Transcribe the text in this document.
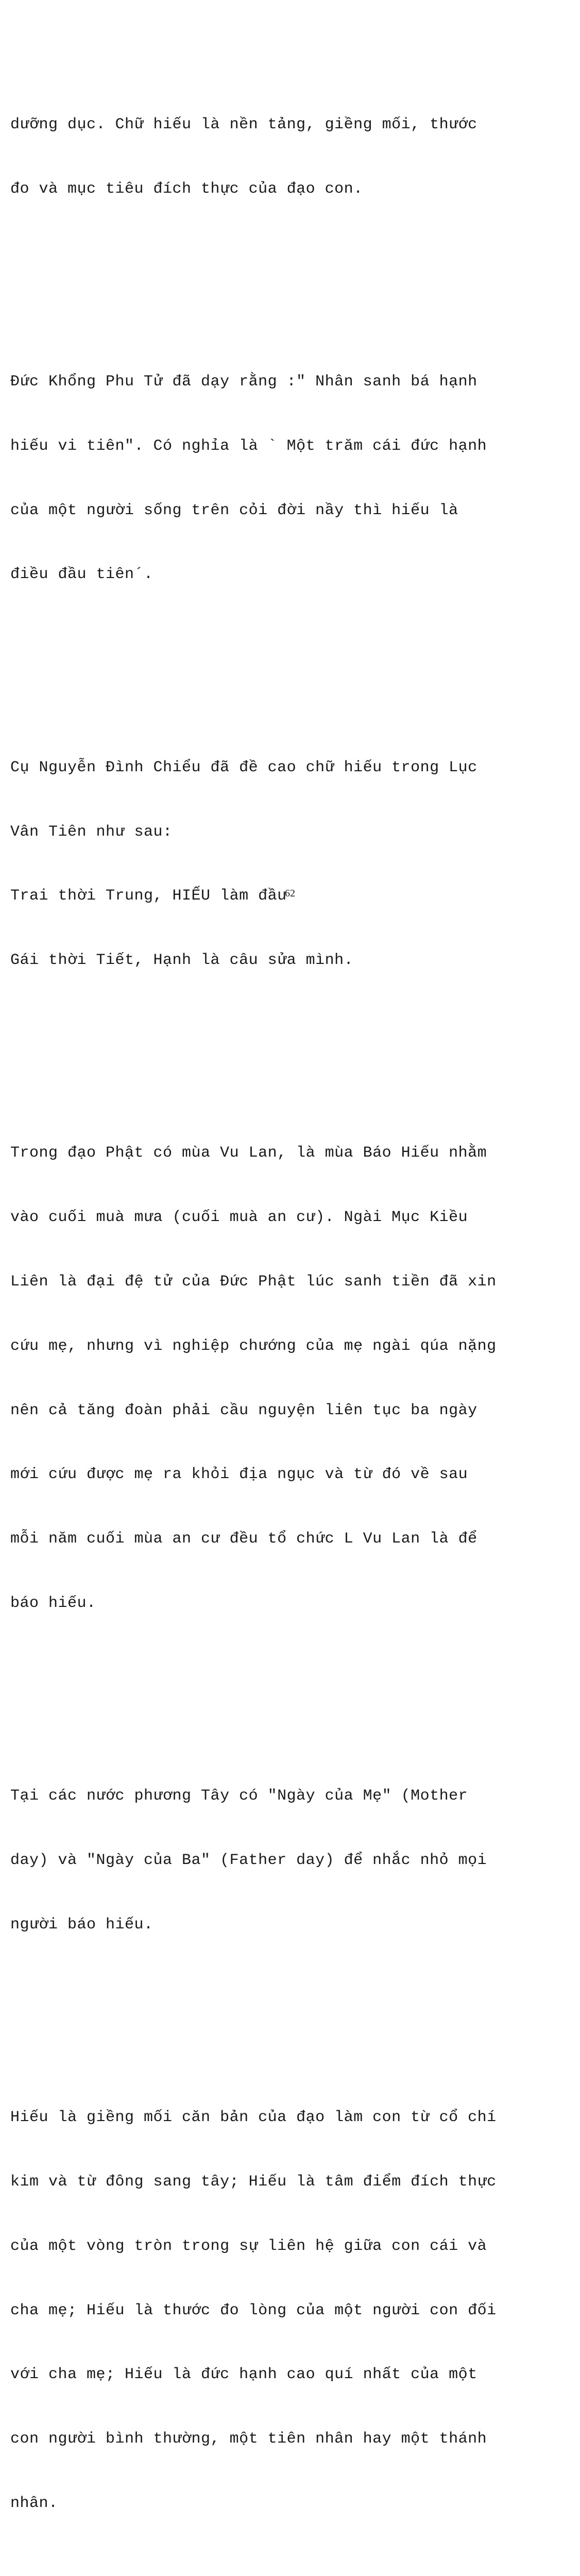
dưỡng dục. Chữ hiếu là nền tảng, giềng mối, thước

đo và mục tiêu đích thực của đạo con.

Đức Khổng Phu Tử đã dạy rằng :" Nhân sanh bá hạnh

hiếu vi tiên". Có nghỉa là ` Một trăm cái đức hạnh

của một người sống trên cỏi đời nầy thì hiếu là

điều đầu tiên´.

Cụ Nguyễn Đình Chiểu đã đề cao chữ hiếu trong Lục

Vân Tiên như sau:

Trai thời Trung, HIẾU làm đầu

Gái thời Tiết, Hạnh là câu sửa mình.

Trong đạo Phật có mùa Vu Lan, là mùa Báo Hiếu nhằm

vào cuối muà mưa (cuối muà an cư). Ngài Mục Kiều

Liên là đại đệ tử của Đức Phật lúc sanh tiền đã xin

cứu mẹ, nhưng vì nghiệp chướng của mẹ ngài qúa nặng

nên cả tăng đoàn phải cầu nguyện liên tục ba ngày

mới cứu được mẹ ra khỏi địa ngục và từ đó về sau

mỗi năm cuối mùa an cư đều tổ chức L Vu Lan là để

báo hiếu.

Tại các nước phương Tây có "Ngày của Mẹ" (Mother

day) và "Ngày của Ba" (Father day) để nhắc nhỏ mọi

người báo hiếu.

Hiếu là giềng mối căn bản của đạo làm con từ cổ chí

kim và từ đông sang tây; Hiếu là tâm điểm đích thực

của một vòng tròn trong sự liên hệ giữa con cái và

cha mẹ; Hiếu là thước đo lòng của một người con đối

với cha mẹ; Hiếu là đức hạnh cao quí nhất của một

con người bình thường, một tiên nhân hay một thánh

nhân.

62
